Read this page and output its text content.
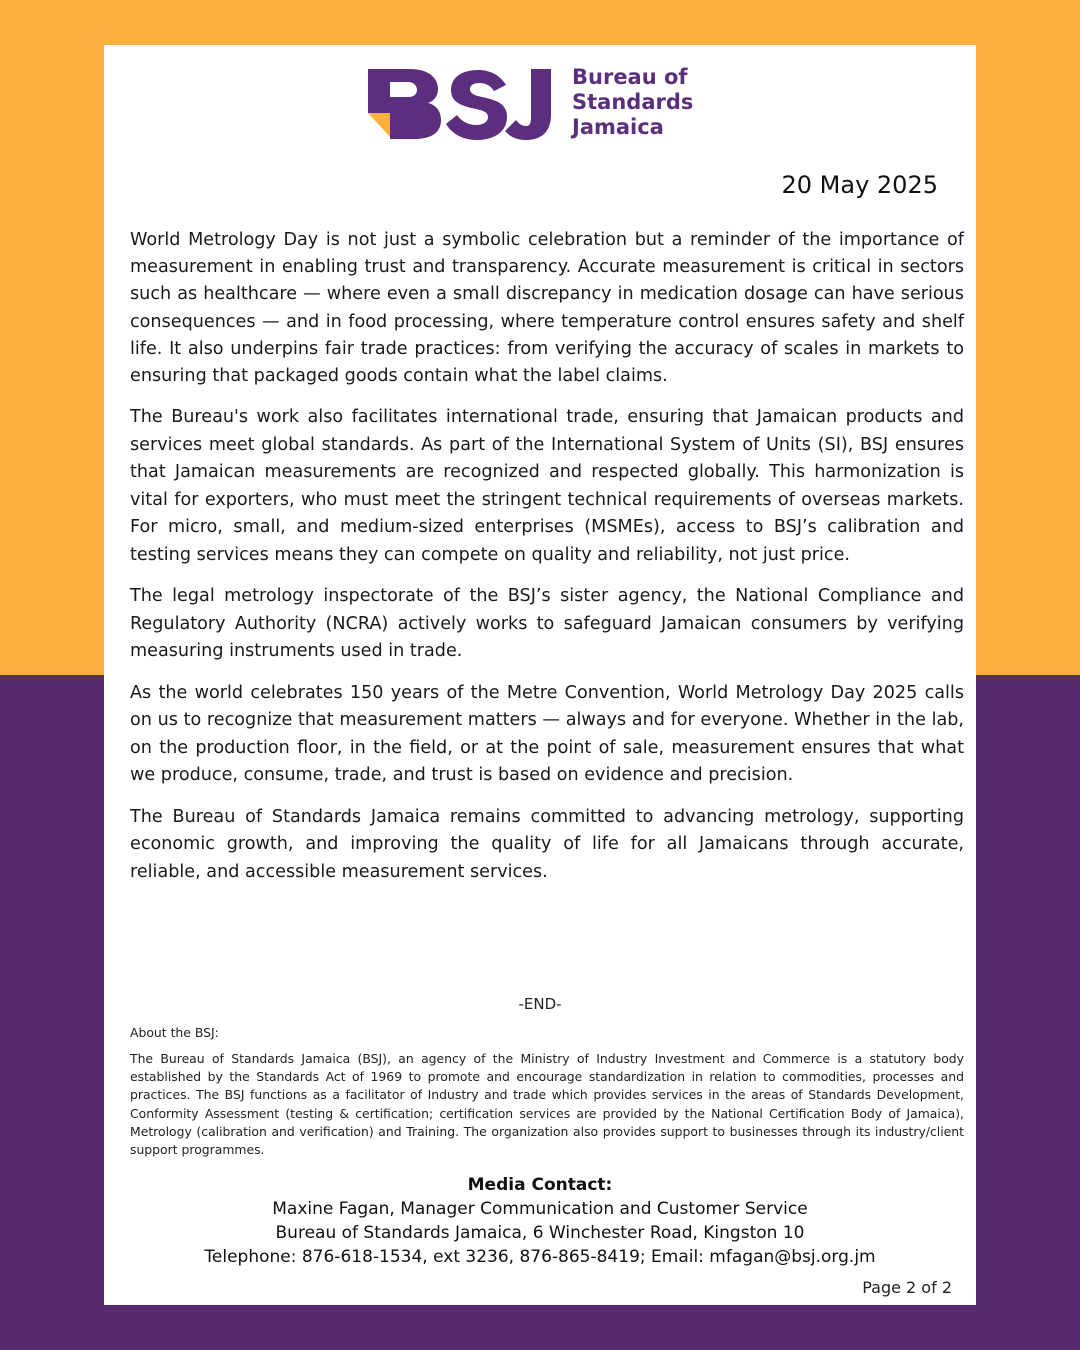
Bureau of
Standards
Jamaica
20 May 2025

World Metrology Day is not just a symbolic celebration but a reminder of the importance of measurement in enabling trust and transparency. Accurate measurement is critical in sectors such as healthcare — where even a small discrepancy in medication dosage can have serious consequences — and in food processing, where temperature control ensures safety and shelf life. It also underpins fair trade practices: from verifying the accuracy of scales in markets to ensuring that packaged goods contain what the label claims.

The Bureau's work also facilitates international trade, ensuring that Jamaican products and services meet global standards. As part of the International System of Units (SI), BSJ ensures that Jamaican measurements are recognized and respected globally. This harmonization is vital for exporters, who must meet the stringent technical requirements of overseas markets. For micro, small, and medium-sized enterprises (MSMEs), access to BSJ’s calibration and testing services means they can compete on quality and reliability, not just price.

The legal metrology inspectorate of the BSJ’s sister agency, the National Compliance and Regulatory Authority (NCRA) actively works to safeguard Jamaican consumers by verifying measuring instruments used in trade.

As the world celebrates 150 years of the Metre Convention, World Metrology Day 2025 calls on us to recognize that measurement matters — always and for everyone. Whether in the lab, on the production floor, in the field, or at the point of sale, measurement ensures that what we produce, consume, trade, and trust is based on evidence and precision.

The Bureau of Standards Jamaica remains committed to advancing metrology, supporting economic growth, and improving the quality of life for all Jamaicans through accurate, reliable, and accessible measurement services.

-END-
About the BSJ:
The Bureau of Standards Jamaica (BSJ), an agency of the Ministry of Industry Investment and Commerce is a statutory body established by the Standards Act of 1969 to promote and encourage standardization in relation to commodities, processes and practices. The BSJ functions as a facilitator of Industry and trade which provides services in the areas of Standards Development, Conformity Assessment (testing & certification; certification services are provided by the National Certification Body of Jamaica), Metrology (calibration and verification) and Training. The organization also provides support to businesses through its industry/client support programmes.
Media Contact:
Maxine Fagan, Manager Communication and Customer Service
Bureau of Standards Jamaica, 6 Winchester Road, Kingston 10
Telephone: 876-618-1534, ext 3236, 876-865-8419; Email: mfagan@bsj.org.jm
Page 2 of 2
